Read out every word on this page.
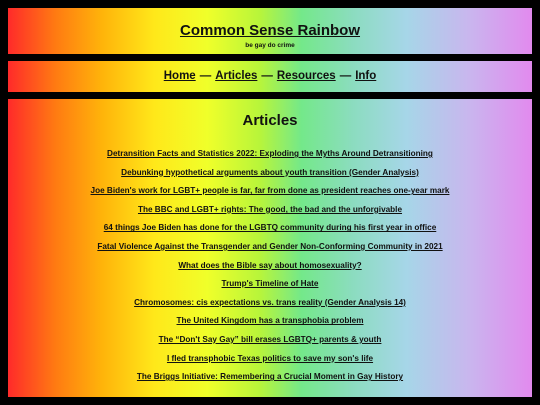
Common Sense Rainbow
be gay do crime
Home — Articles — Resources — Info
Articles
Detransition Facts and Statistics 2022: Exploding the Myths Around Detransitioning
Debunking hypothetical arguments about youth transition (Gender Analysis)
Joe Biden's work for LGBT+ people is far, far from done as president reaches one-year mark
The BBC and LGBT+ rights: The good, the bad and the unforgivable
64 things Joe Biden has done for the LGBTQ community during his first year in office
Fatal Violence Against the Transgender and Gender Non-Conforming Community in 2021
What does the Bible say about homosexuality?
Trump's Timeline of Hate
Chromosomes: cis expectations vs. trans reality (Gender Analysis 14)
The United Kingdom has a transphobia problem
The “Don't Say Gay” bill erases LGBTQ+ parents & youth
I fled transphobic Texas politics to save my son's life
The Briggs Initiative: Remembering a Crucial Moment in Gay History
